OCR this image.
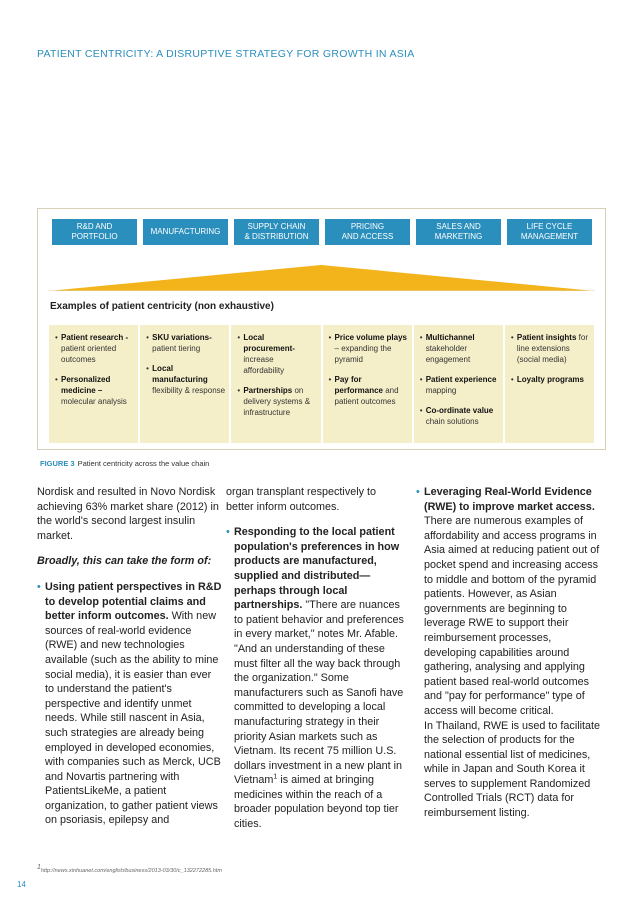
PATIENT CENTRICITY: A DISRUPTIVE STRATEGY FOR GROWTH IN ASIA
R&D AND
PORTFOLIO
MANUFACTURING
SUPPLY CHAIN
& DISTRIBUTION
PRICING
AND ACCESS
SALES AND
MARKETING
LIFE CYCLE
MANAGEMENT
Examples of patient centricity (non exhaustive)
• Patient research - patient oriented outcomes
• Personalized medicine – molecular analysis
• SKU variations- patient tiering
• Local manufacturing flexibility & response
• Local procurement- increase affordability
• Partnerships on delivery systems & infrastructure
• Price volume plays – expanding the pyramid
• Pay for performance and patient outcomes
• Multichannel stakeholder engagement
• Patient experience mapping
• Co-ordinate value chain solutions
• Patient insights for line extensions (social media)
• Loyalty programs
FIGURE 3 Patient centricity across the value chain

Nordisk and resulted in Novo Nordisk achieving 63% market share (2012) in the world's second largest insulin market.

Broadly, this can take the form of:

• Using patient perspectives in R&D to develop potential claims and better inform outcomes. With new sources of real-world evidence (RWE) and new technologies available (such as the ability to mine social media), it is easier than ever to understand the patient's perspective and identify unmet needs. While still nascent in Asia, such strategies are already being employed in developed economies, with companies such as Merck, UCB and Novartis partnering with PatientsLikeMe, a patient organization, to gather patient views on psoriasis, epilepsy and

organ transplant respectively to better inform outcomes.

• Responding to the local patient population's preferences in how products are manufactured, supplied and distributed—perhaps through local partnerships. "There are nuances to patient behavior and preferences in every market," notes Mr. Afable. "And an understanding of these must filter all the way back through the organization." Some manufacturers such as Sanofi have committed to developing a local manufacturing strategy in their priority Asian markets such as Vietnam. Its recent 75 million U.S. dollars investment in a new plant in Vietnam$^1$ is aimed at bringing medicines within the reach of a broader population beyond top tier cities.
• Leveraging Real-World Evidence (RWE) to improve market access. There are numerous examples of affordability and access programs in Asia aimed at reducing patient out of pocket spend and increasing access to middle and bottom of the pyramid patients. However, as Asian governments are beginning to leverage RWE to support their reimbursement processes, developing capabilities around gathering, analysing and applying patient based real-world outcomes and "pay for performance" type of access will become critical.

In Thailand, RWE is used to facilitate the selection of products for the national essential list of medicines, while in Japan and South Korea it serves to supplement Randomized Controlled Trials (RCT) data for reimbursement listing.

$^1$http://news.xinhuanet.com/english/business/2013-03/30/c_132272285.htm
14
